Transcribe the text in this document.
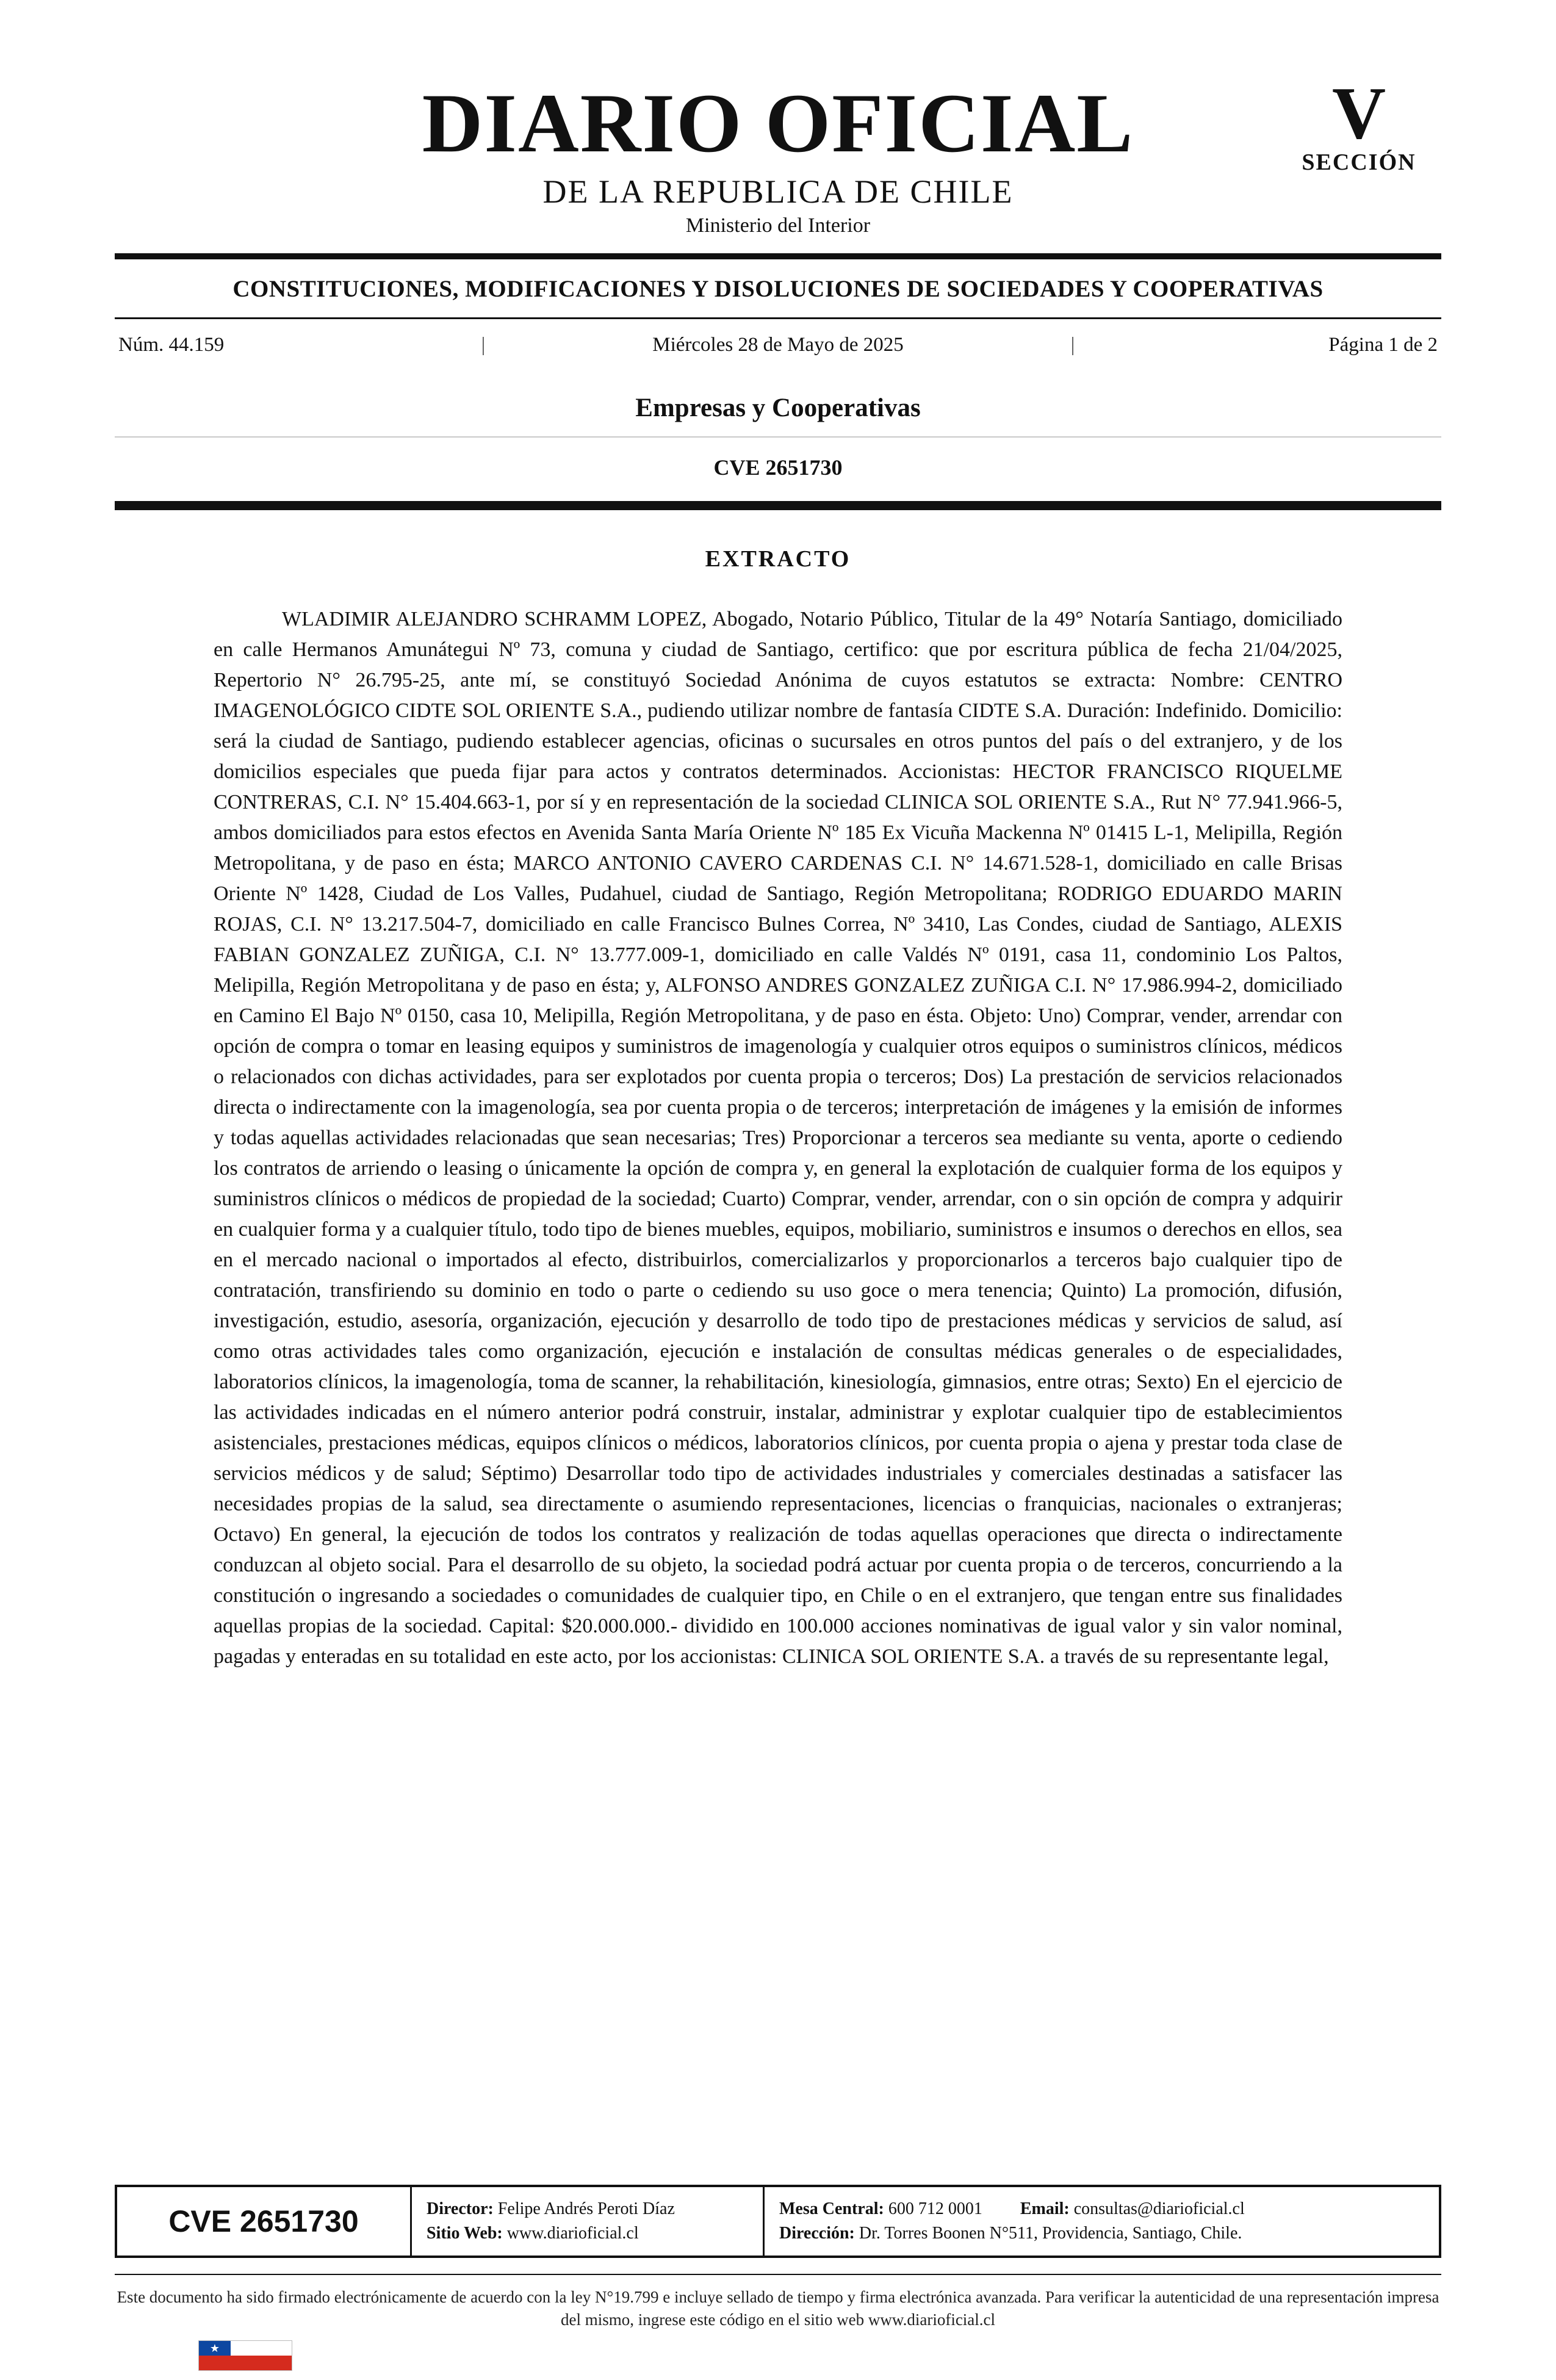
DIARIO OFICIAL
DE LA REPUBLICA DE CHILE
Ministerio del Interior
V
SECCIÓN
CONSTITUCIONES, MODIFICACIONES Y DISOLUCIONES DE SOCIEDADES Y COOPERATIVAS
Núm. 44.159	|	Miércoles 28 de Mayo de 2025	|	Página 1 de 2
Empresas y Cooperativas
CVE 2651730
EXTRACTO

WLADIMIR ALEJANDRO SCHRAMM LOPEZ, Abogado, Notario Público, Titular de la 49° Notaría Santiago, domiciliado en calle Hermanos Amunátegui Nº 73, comuna y ciudad de Santiago, certifico: que por escritura pública de fecha 21/04/2025, Repertorio N° 26.795-25, ante mí, se constituyó Sociedad Anónima de cuyos estatutos se extracta: Nombre: CENTRO IMAGENOLÓGICO CIDTE SOL ORIENTE S.A., pudiendo utilizar nombre de fantasía CIDTE S.A. Duración: Indefinido. Domicilio: será la ciudad de Santiago, pudiendo establecer agencias, oficinas o sucursales en otros puntos del país o del extranjero, y de los domicilios especiales que pueda fijar para actos y contratos determinados. Accionistas: HECTOR FRANCISCO RIQUELME CONTRERAS, C.I. N° 15.404.663-1, por sí y en representación de la sociedad CLINICA SOL ORIENTE S.A., Rut N° 77.941.966-5, ambos domiciliados para estos efectos en Avenida Santa María Oriente Nº 185 Ex Vicuña Mackenna Nº 01415 L-1, Melipilla, Región Metropolitana, y de paso en ésta; MARCO ANTONIO CAVERO CARDENAS C.I. N° 14.671.528-1, domiciliado en calle Brisas Oriente Nº 1428, Ciudad de Los Valles, Pudahuel, ciudad de Santiago, Región Metropolitana; RODRIGO EDUARDO MARIN ROJAS, C.I. N° 13.217.504-7, domiciliado en calle Francisco Bulnes Correa, Nº 3410, Las Condes, ciudad de Santiago, ALEXIS FABIAN GONZALEZ ZUÑIGA, C.I. N° 13.777.009-1, domiciliado en calle Valdés Nº 0191, casa 11, condominio Los Paltos, Melipilla, Región Metropolitana y de paso en ésta; y, ALFONSO ANDRES GONZALEZ ZUÑIGA C.I. N° 17.986.994-2, domiciliado en Camino El Bajo Nº 0150, casa 10, Melipilla, Región Metropolitana, y de paso en ésta. Objeto: Uno) Comprar, vender, arrendar con opción de compra o tomar en leasing equipos y suministros de imagenología y cualquier otros equipos o suministros clínicos, médicos o relacionados con dichas actividades, para ser explotados por cuenta propia o terceros; Dos) La prestación de servicios relacionados directa o indirectamente con la imagenología, sea por cuenta propia o de terceros; interpretación de imágenes y la emisión de informes y todas aquellas actividades relacionadas que sean necesarias; Tres) Proporcionar a terceros sea mediante su venta, aporte o cediendo los contratos de arriendo o leasing o únicamente la opción de compra y, en general la explotación de cualquier forma de los equipos y suministros clínicos o médicos de propiedad de la sociedad; Cuarto) Comprar, vender, arrendar, con o sin opción de compra y adquirir en cualquier forma y a cualquier título, todo tipo de bienes muebles, equipos, mobiliario, suministros e insumos o derechos en ellos, sea en el mercado nacional o importados al efecto, distribuirlos, comercializarlos y proporcionarlos a terceros bajo cualquier tipo de contratación, transfiriendo su dominio en todo o parte o cediendo su uso goce o mera tenencia; Quinto) La promoción, difusión, investigación, estudio, asesoría, organización, ejecución y desarrollo de todo tipo de prestaciones médicas y servicios de salud, así como otras actividades tales como organización, ejecución e instalación de consultas médicas generales o de especialidades, laboratorios clínicos, la imagenología, toma de scanner, la rehabilitación, kinesiología, gimnasios, entre otras; Sexto) En el ejercicio de las actividades indicadas en el número anterior podrá construir, instalar, administrar y explotar cualquier tipo de establecimientos asistenciales, prestaciones médicas, equipos clínicos o médicos, laboratorios clínicos, por cuenta propia o ajena y prestar toda clase de servicios médicos y de salud; Séptimo) Desarrollar todo tipo de actividades industriales y comerciales destinadas a satisfacer las necesidades propias de la salud, sea directamente o asumiendo representaciones, licencias o franquicias, nacionales o extranjeras; Octavo) En general, la ejecución de todos los contratos y realización de todas aquellas operaciones que directa o indirectamente conduzcan al objeto social. Para el desarrollo de su objeto, la sociedad podrá actuar por cuenta propia o de terceros, concurriendo a la constitución o ingresando a sociedades o comunidades de cualquier tipo, en Chile o en el extranjero, que tengan entre sus finalidades aquellas propias de la sociedad. Capital: $20.000.000.- dividido en 100.000 acciones nominativas de igual valor y sin valor nominal, pagadas y enteradas en su totalidad en este acto, por los accionistas: CLINICA SOL ORIENTE S.A. a través de su representante legal,

CVE 2651730	Director: Felipe Andrés Peroti Díaz
Sitio Web: www.diarioficial.cl
Mesa Central: 600 712 0001 Email: consultas@diarioficial.cl
Dirección: Dr. Torres Boonen N°511, Providencia, Santiago, Chile.
Este documento ha sido firmado electrónicamente de acuerdo con la ley N°19.799 e incluye sellado de tiempo y firma electrónica avanzada. Para verificar la autenticidad de una representación impresa del mismo, ingrese este código en el sitio web www.diarioficial.cl
★
